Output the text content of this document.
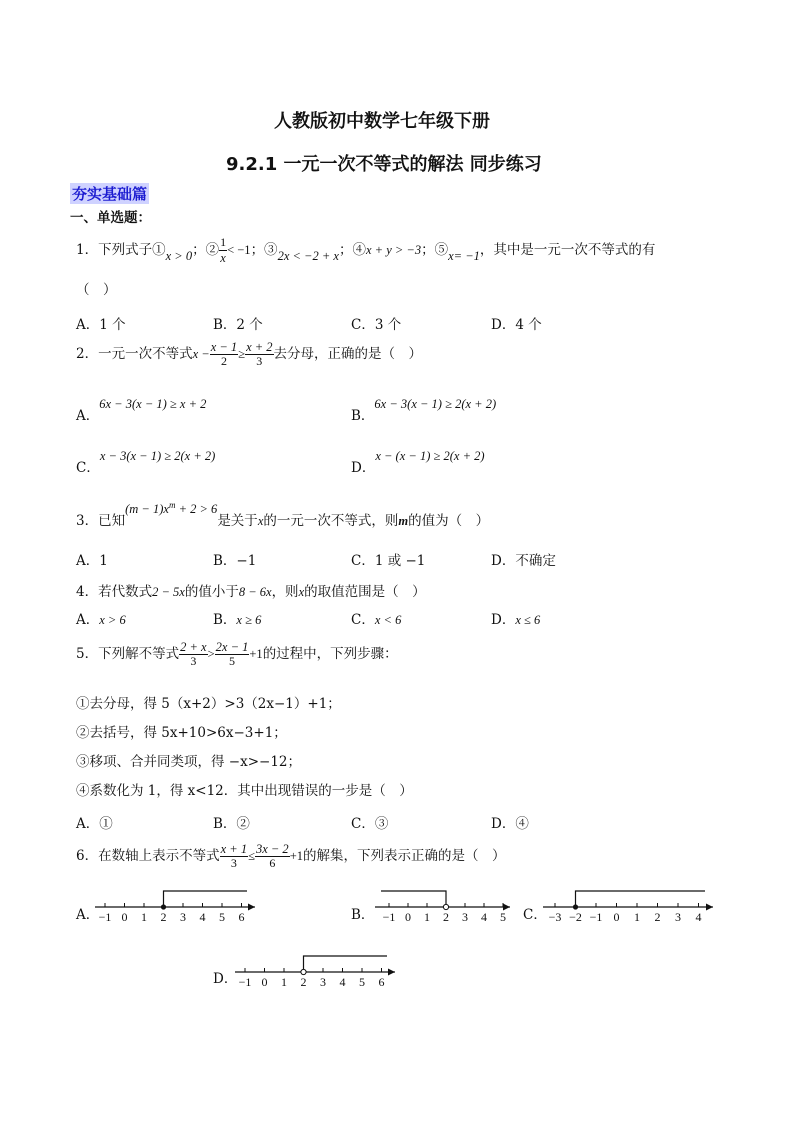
人教版初中数学七年级下册
9.2.1 一元一次不等式的解法 同步练习
夯实基础篇
一、单选题：
1．下列式子①x > 0；② $\frac{1}{x} < -1$；③2x < −2 + x；④x + y > −3；⑤x= −1，其中是一元一次不等式的有
（　）
A．1 个	B．2 个	C．3 个	D．4 个
2．一元一次不等式$x - \frac{x - 1}{2} \ge \frac{x + 2}{3}$ 去分母，正确的是（　）
A．6x − 3(x − 1) ≥ x + 2
B．6x − 3(x − 1) ≥ 2(x + 2)
C．x − 3(x − 1) ≥ 2(x + 2)
D．x − (x − 1) ≥ 2(x + 2)
3．已知$(m - 1)x^m + 2 > 6$是关于x的一元一次不等式，则m的值为（　）
A．1	B．−1	C．1 或 −1	D．不确定
4．若代数式2 − 5x的值小于8 − 6x，则x的取值范围是（　）
A．x > 6	B．x ≥ 6	C．x < 6	D．x ≤ 6
5．下列解不等式 $\frac{2 + x}{3} > \frac{2x - 1}{5} +1$的过程中，下列步骤：
①去分母，得 5（x+2）>3（2x−1）+1；
②去括号，得 5x+10>6x−3+1；
③移项、合并同类项，得 −x>−12；
④系数化为 1，得 x<12．其中出现错误的一步是（　）
A．①	B．②	C．③	D．④
6．在数轴上表示不等式 $\frac{x + 1}{3} \le \frac{3x - 2}{6} +1$的解集，下列表示正确的是（　）
A．	B．	C．
D．
−1 0 1 2 3 4 5 6	−1 0 1 2 3 4 5	−3 −2 −1 0 1 2 3 4
−1 0 1 2 3 4 5 6
